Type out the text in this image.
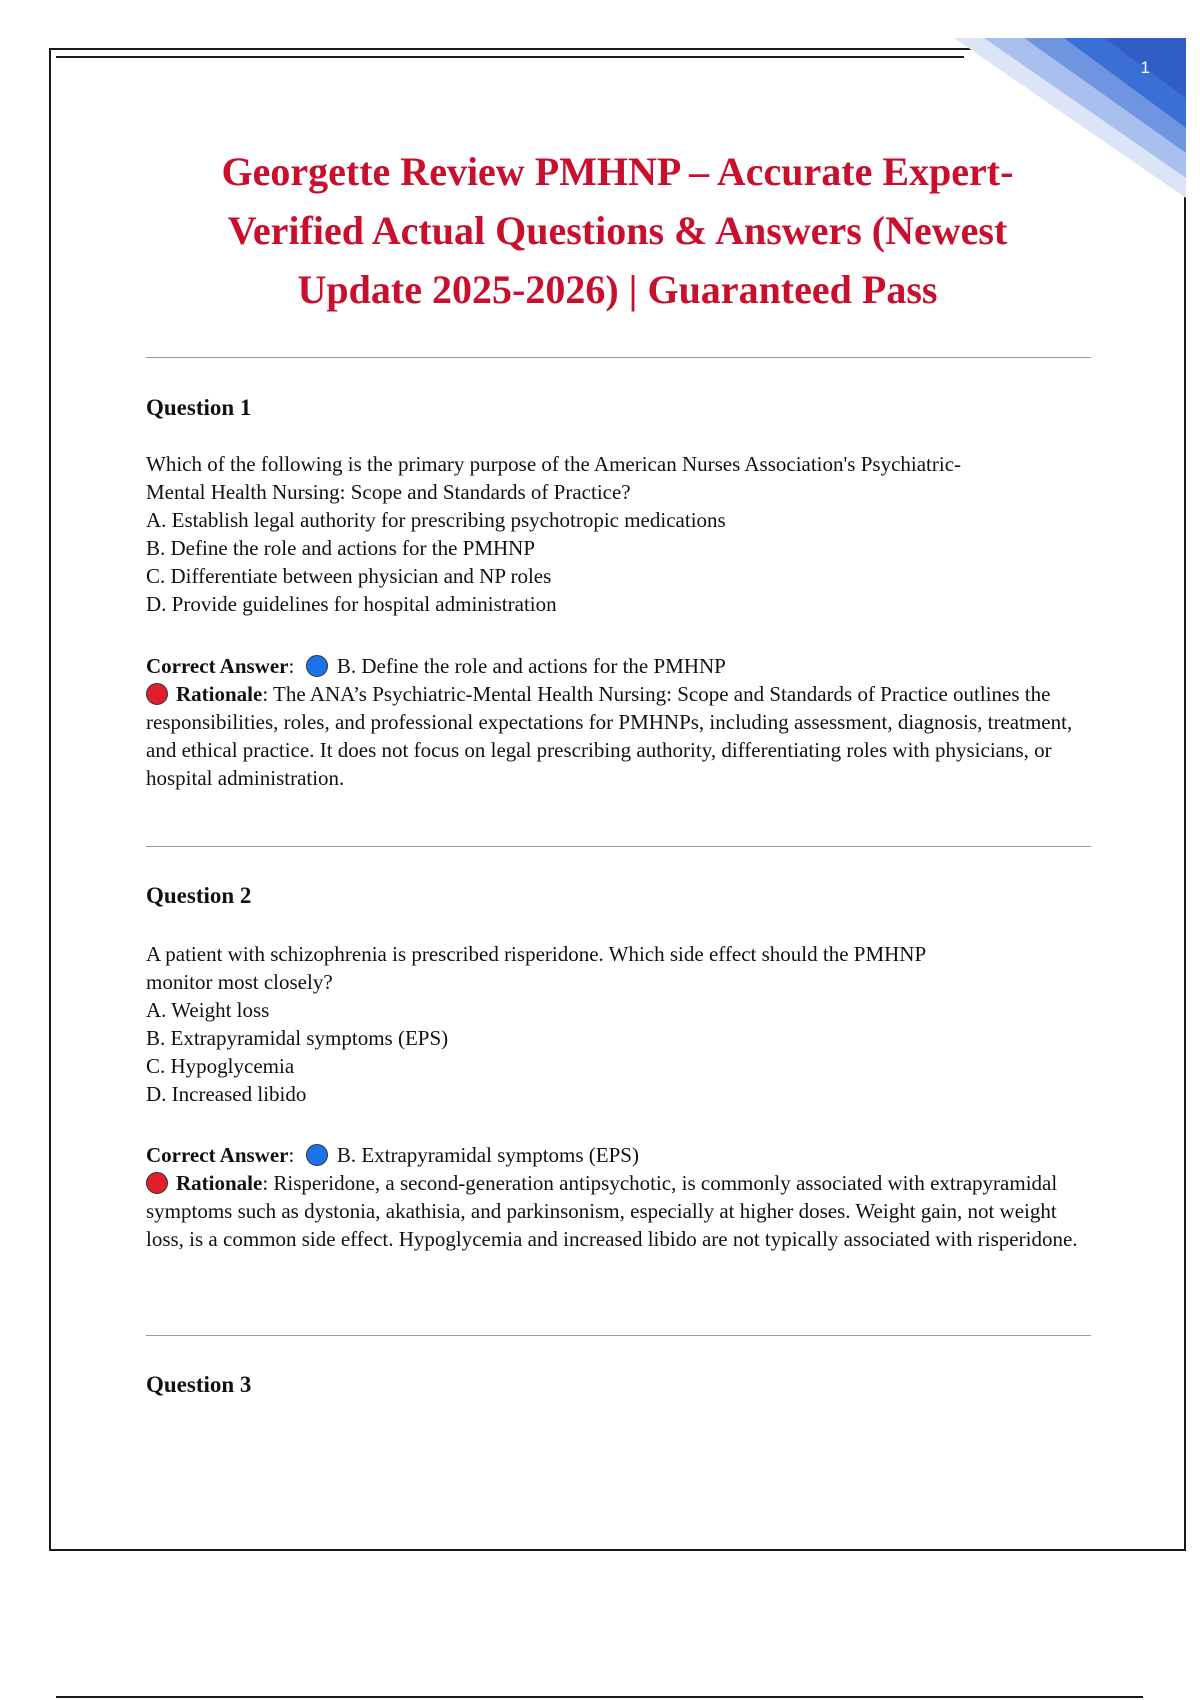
1
Georgette Review PMHNP – Accurate Expert-
Verified Actual Questions & Answers (Newest
Update 2025-2026) | Guaranteed Pass
Question 1

Which of the following is the primary purpose of the American Nurses Association's Psychiatric-

Mental Health Nursing: Scope and Standards of Practice?

A. Establish legal authority for prescribing psychotropic medications

B. Define the role and actions for the PMHNP

C. Differentiate between physician and NP roles

D. Provide guidelines for hospital administration

Correct Answer: B. Define the role and actions for the PMHNP

Rationale: The ANA’s Psychiatric-Mental Health Nursing: Scope and Standards of Practice outlines the responsibilities, roles, and professional expectations for PMHNPs, including assessment, diagnosis, treatment, and ethical practice. It does not focus on legal prescribing authority, differentiating roles with physicians, or hospital administration.

Question 2

A patient with schizophrenia is prescribed risperidone. Which side effect should the PMHNP

monitor most closely?

A. Weight loss

B. Extrapyramidal symptoms (EPS)

C. Hypoglycemia

D. Increased libido

Correct Answer: B. Extrapyramidal symptoms (EPS)

Rationale: Risperidone, a second-generation antipsychotic, is commonly associated with extrapyramidal symptoms such as dystonia, akathisia, and parkinsonism, especially at higher doses. Weight gain, not weight loss, is a common side effect. Hypoglycemia and increased libido are not typically associated with risperidone.

Question 3
